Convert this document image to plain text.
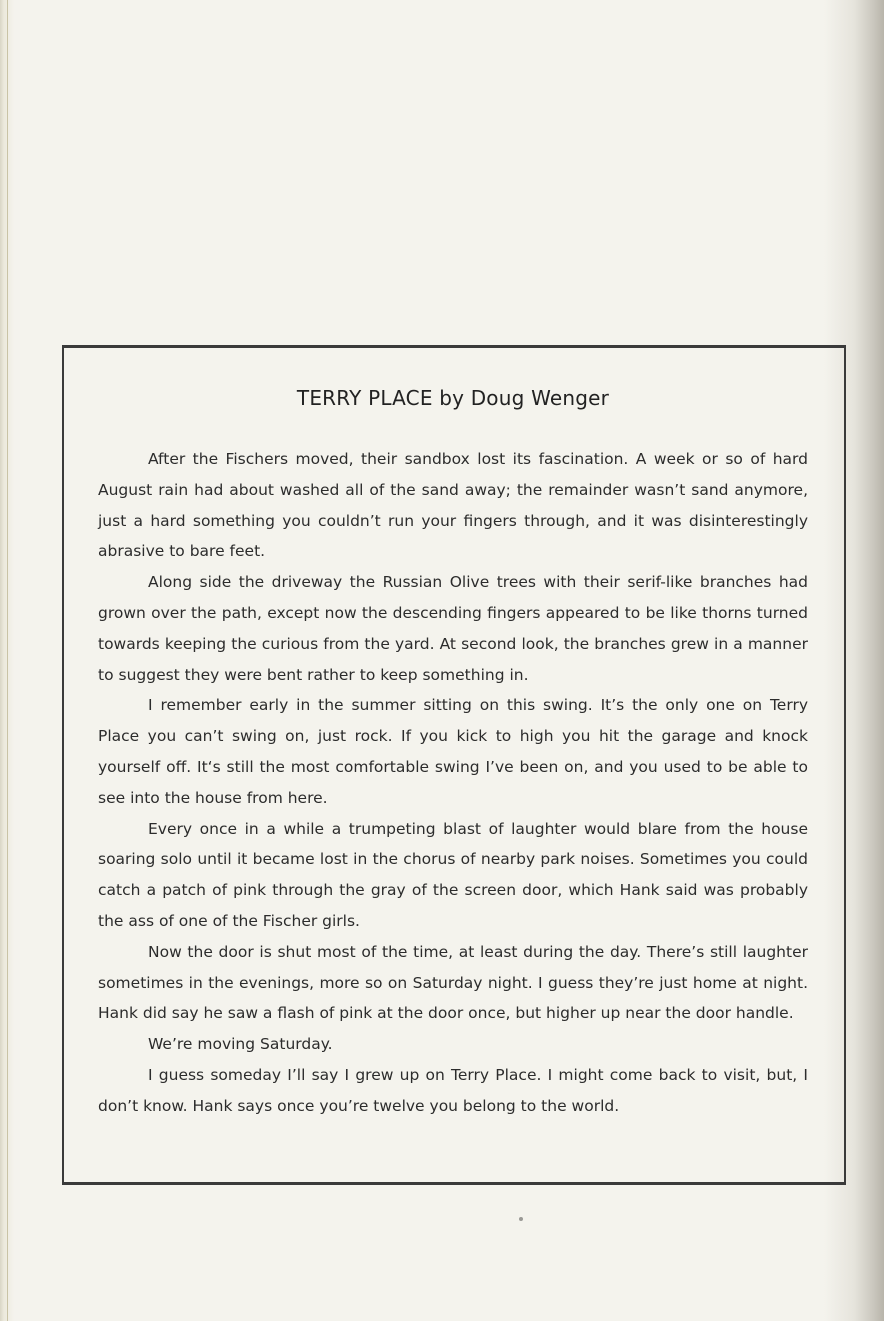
TERRY PLACE by Doug Wenger

After the Fischers moved, their sandbox lost its fascination. A week or so of hard August rain had about washed all of the sand away; the remainder wasn’t sand anymore, just a hard something you couldn’t run your fingers through, and it was disinterestingly abrasive to bare feet.

Along side the driveway the Russian Olive trees with their serif-like branches had grown over the path, except now the descending fingers appeared to be like thorns turned towards keeping the curious from the yard. At second look, the branches grew in a manner to suggest they were bent rather to keep something in.

I remember early in the summer sitting on this swing. It’s the only one on Terry Place you can’t swing on, just rock. If you kick to high you hit the garage and knock yourself off. It‘s still the most comfortable swing I’ve been on, and you used to be able to see into the house from here.

Every once in a while a trumpeting blast of laughter would blare from the house soaring solo until it became lost in the chorus of nearby park noises. Sometimes you could catch a patch of pink through the gray of the screen door, which Hank said was probably the ass of one of the Fischer girls.

Now the door is shut most of the time, at least during the day. There’s still laughter sometimes in the evenings, more so on Saturday night. I guess they’re just home at night. Hank did say he saw a flash of pink at the door once, but higher up near the door handle.

We’re moving Saturday.

I guess someday I’ll say I grew up on Terry Place. I might come back to visit, but, I don’t know. Hank says once you’re twelve you belong to the world.
